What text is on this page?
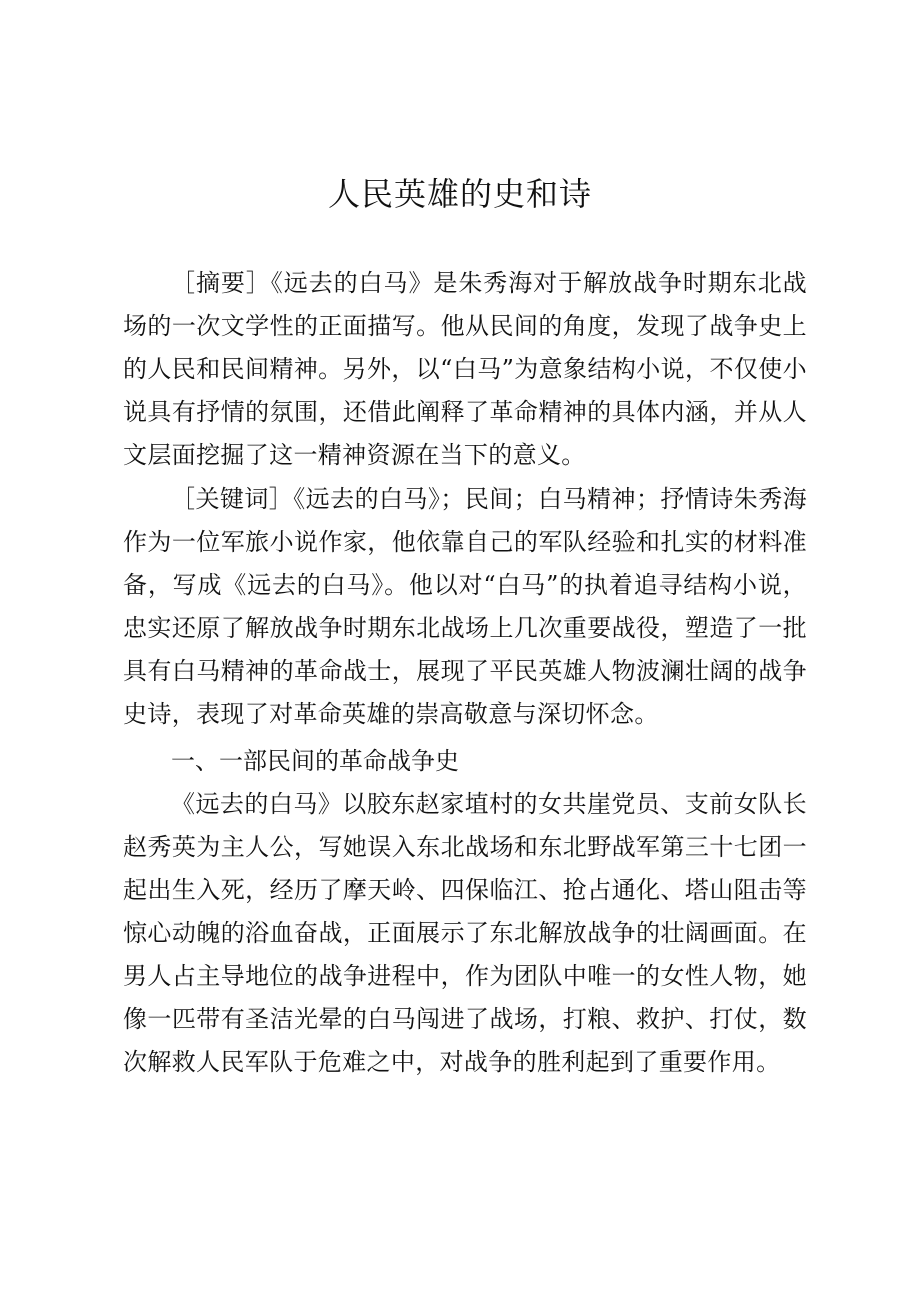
人民英雄的史和诗

［摘要］《远去的白马》是朱秀海对于解放战争时期东北战场的一次文学性的正面描写。他从民间的角度，发现了战争史上的人民和民间精神。另外，以“白马”为意象结构小说，不仅使小说具有抒情的氛围，还借此阐释了革命精神的具体内涵，并从人文层面挖掘了这一精神资源在当下的意义。

［关键词］《远去的白马》；民间；白马精神；抒情诗朱秀海作为一位军旅小说作家，他依靠自己的军队经验和扎实的材料准备，写成《远去的白马》。他以对“白马”的执着追寻结构小说，忠实还原了解放战争时期东北战场上几次重要战役，塑造了一批具有白马精神的革命战士，展现了平民英雄人物波澜壮阔的战争史诗，表现了对革命英雄的崇高敬意与深切怀念。

一、一部民间的革命战争史

《远去的白马》以胶东赵家埴村的女共崖党员、支前女队长赵秀英为主人公，写她误入东北战场和东北野战军第三十七团一起出生入死，经历了摩天岭、四保临江、抢占通化、塔山阻击等惊心动魄的浴血奋战，正面展示了东北解放战争的壮阔画面。在男人占主导地位的战争进程中，作为团队中唯一的女性人物，她像一匹带有圣洁光晕的白马闯进了战场，打粮、救护、打仗，数次解救人民军队于危难之中，对战争的胜利起到了重要作用。
